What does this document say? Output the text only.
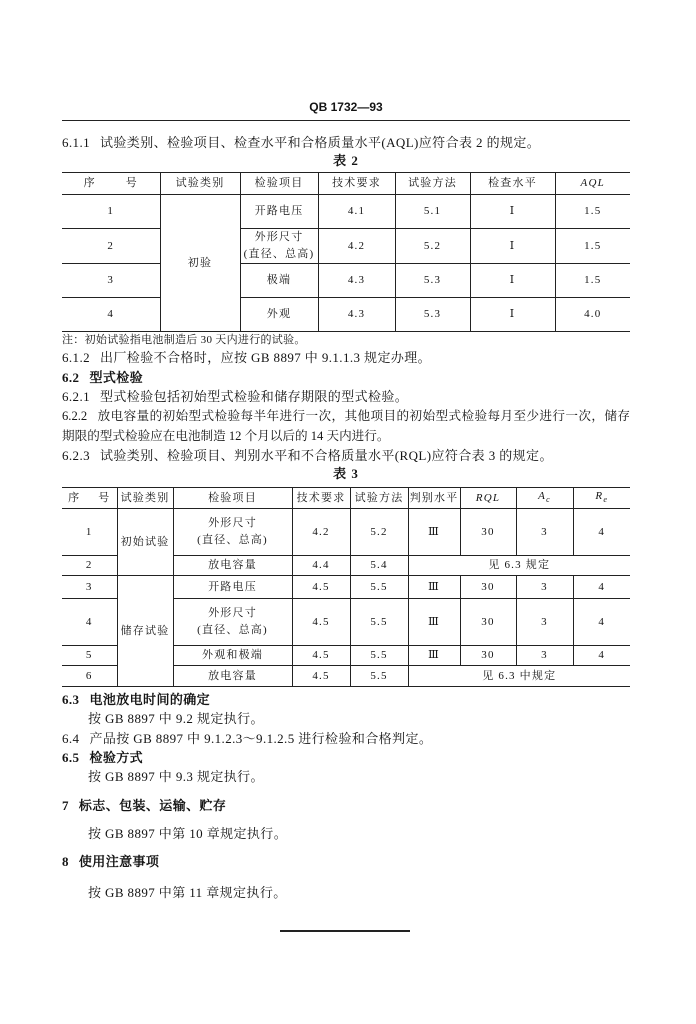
QB 1732—93
6.1.1 试验类别、检验项目、检查水平和合格质量水平(AQL)应符合表 2 的规定。
表 2
序 号	试验类别	检验项目	技术要求	试验方法	检查水平	AQL
1	初验	开路电压	4.1	5.1	Ⅰ	1.5
2		外形尺寸
(直径、总高)	4.2	5.2	Ⅰ	1.5
3		极端	4.3	5.3	Ⅰ	1.5
4		外观	4.3	5.3	Ⅰ	4.0
注：初始试验指电池制造后 30 天内进行的试验。
6.1.2 出厂检验不合格时，应按 GB 8897 中 9.1.1.3 规定办理。
6.2 型式检验
6.2.1 型式检验包括初始型式检验和储存期限的型式检验。
6.2.2 放电容量的初始型式检验每半年进行一次，其他项目的初始型式检验每月至少进行一次，储存
期限的型式检验应在电池制造 12 个月以后的 14 天内进行。
6.2.3 试验类别、检验项目、判别水平和不合格质量水平(RQL)应符合表 3 的规定。
表 3
序 号	试验类别	检验项目	技术要求	试验方法	判别水平	RQL	$A_c$	$R_e$
1	初始试验	外形尺寸
(直径、总高)	4.2	5.2	Ⅲ	30	3	4
2		放电容量	4.4	5.4	见 6.3 规定			
3	储存试验	开路电压	4.5	5.5	Ⅲ	30	3	4
4		外形尺寸
(直径、总高)	4.5	5.5	Ⅲ	30	3	4
5		外观和极端	4.5	5.5	Ⅲ	30	3	4
6		放电容量	4.5	5.5	见 6.3 中规定			
6.3 电池放电时间的确定
按 GB 8897 中 9.2 规定执行。
6.4 产品按 GB 8897 中 9.1.2.3～9.1.2.5 进行检验和合格判定。
6.5 检验方式
按 GB 8897 中 9.3 规定执行。
7 标志、包装、运输、贮存
按 GB 8897 中第 10 章规定执行。
8 使用注意事项
按 GB 8897 中第 11 章规定执行。
